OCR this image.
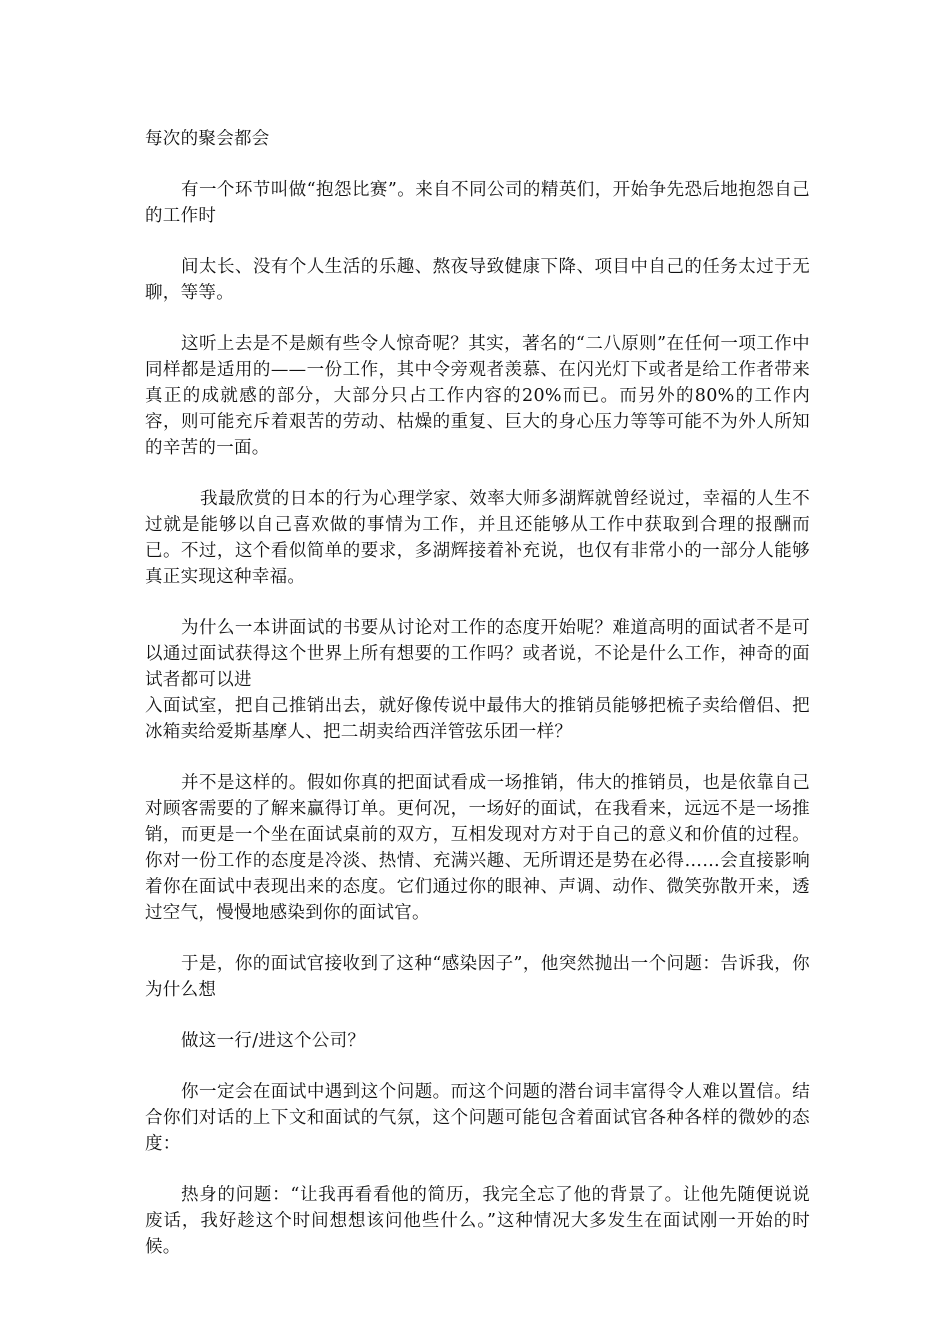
每次的聚会都会

有一个环节叫做“抱怨比赛”。来自不同公司的精英们，开始争先恐后地抱怨自己的工作时

间太长、没有个人生活的乐趣、熬夜导致健康下降、项目中自己的任务太过于无聊，等等。

这听上去是不是颇有些令人惊奇呢？其实，著名的“二八原则”在任何一项工作中同样都是适用的——一份工作，其中令旁观者羡慕、在闪光灯下或者是给工作者带来真正的成就感的部分，大部分只占工作内容的20%而已。而另外的80%的工作内容，则可能充斥着艰苦的劳动、枯燥的重复、巨大的身心压力等等可能不为外人所知的辛苦的一面。

我最欣赏的日本的行为心理学家、效率大师多湖辉就曾经说过，幸福的人生不过就是能够以自己喜欢做的事情为工作，并且还能够从工作中获取到合理的报酬而已。不过，这个看似简单的要求，多湖辉接着补充说，也仅有非常小的一部分人能够真正实现这种幸福。

为什么一本讲面试的书要从讨论对工作的态度开始呢？难道高明的面试者不是可以通过面试获得这个世界上所有想要的工作吗？或者说，不论是什么工作，神奇的面试者都可以进

入面试室，把自己推销出去，就好像传说中最伟大的推销员能够把梳子卖给僧侣、把冰箱卖给爱斯基摩人、把二胡卖给西洋管弦乐团一样？

并不是这样的。假如你真的把面试看成一场推销，伟大的推销员，也是依靠自己对顾客需要的了解来赢得订单。更何况，一场好的面试，在我看来，远远不是一场推销，而更是一个坐在面试桌前的双方，互相发现对方对于自己的意义和价值的过程。你对一份工作的态度是冷淡、热情、充满兴趣、无所谓还是势在必得……会直接影响着你在面试中表现出来的态度。它们通过你的眼神、声调、动作、微笑弥散开来，透过空气，慢慢地感染到你的面试官。

于是，你的面试官接收到了这种“感染因子”，他突然抛出一个问题：告诉我，你为什么想

做这一行/进这个公司？

你一定会在面试中遇到这个问题。而这个问题的潜台词丰富得令人难以置信。结合你们对话的上下文和面试的气氛，这个问题可能包含着面试官各种各样的微妙的态度：

热身的问题：“让我再看看他的简历，我完全忘了他的背景了。让他先随便说说废话，我好趁这个时间想想该问他些什么。”这种情况大多发生在面试刚一开始的时候。
